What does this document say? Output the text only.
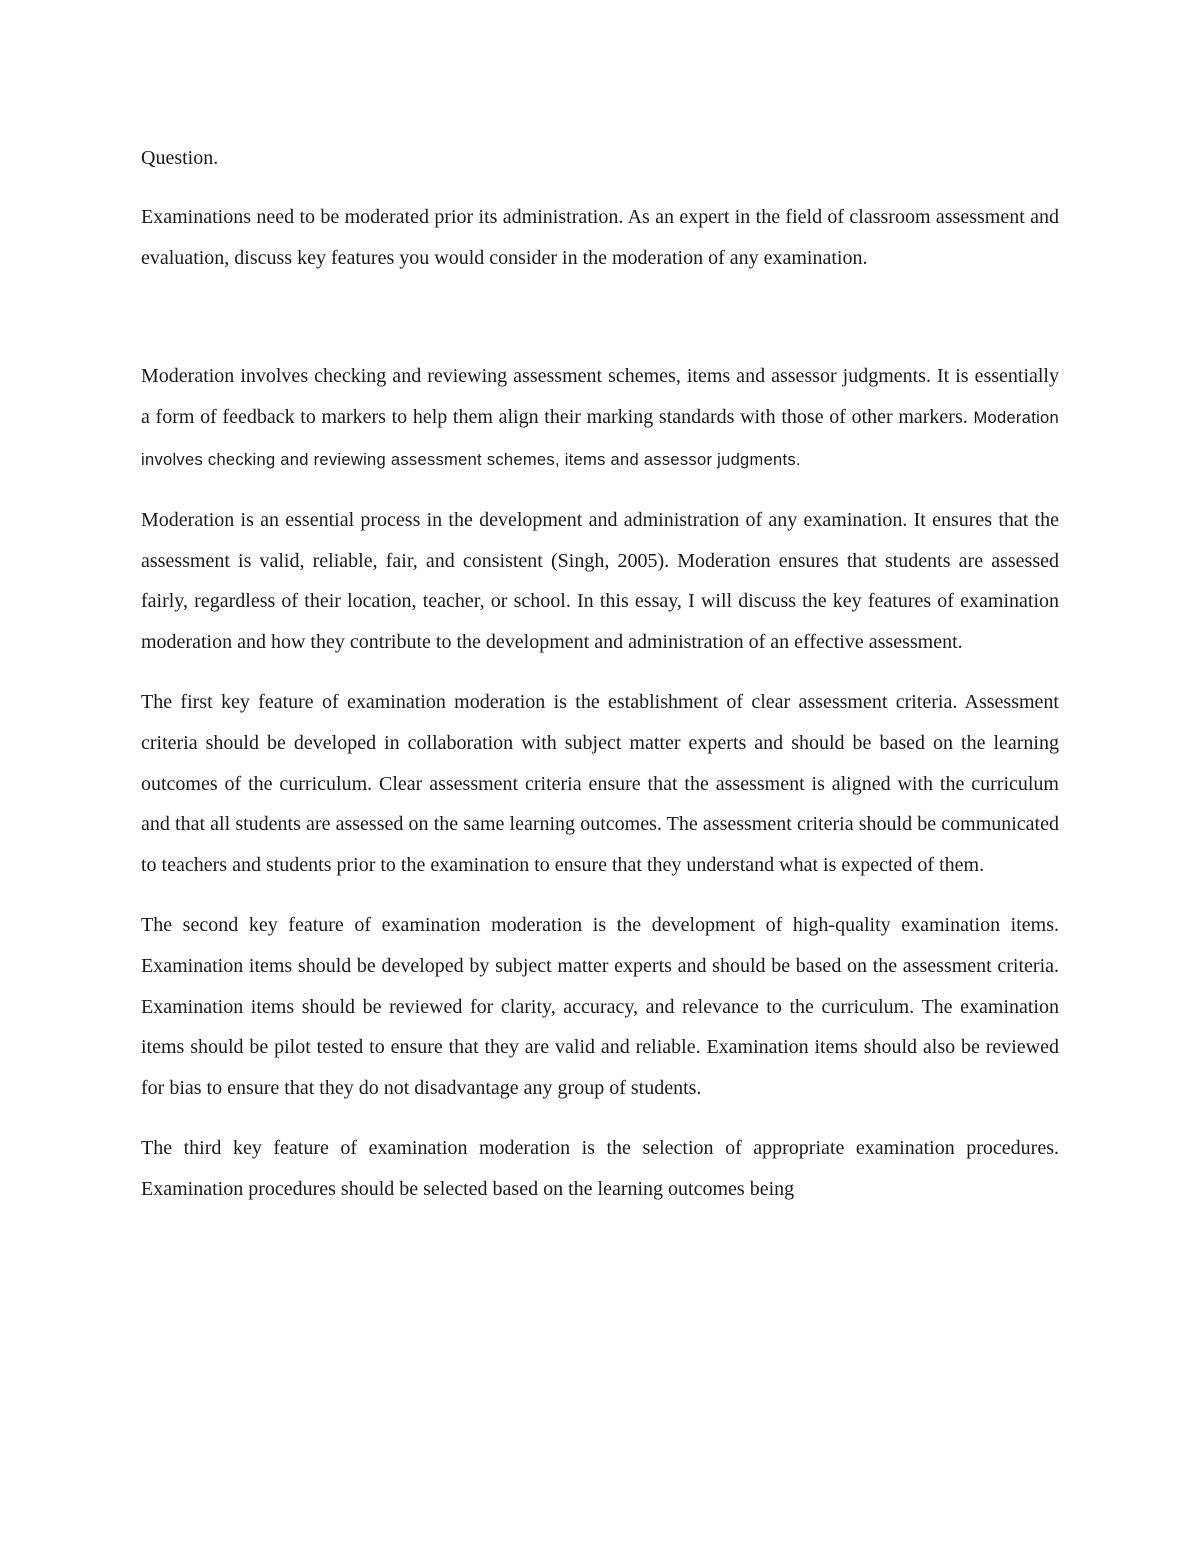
Question.

Examinations need to be moderated prior its administration. As an expert in the field of classroom assessment and evaluation, discuss key features you would consider in the moderation of any examination.

Moderation involves checking and reviewing assessment schemes, items and assessor judgments. It is essentially a form of feedback to markers to help them align their marking standards with those of other markers. Moderation involves checking and reviewing assessment schemes, items and assessor judgments.

Moderation is an essential process in the development and administration of any examination. It ensures that the assessment is valid, reliable, fair, and consistent (Singh, 2005). Moderation ensures that students are assessed fairly, regardless of their location, teacher, or school. In this essay, I will discuss the key features of examination moderation and how they contribute to the development and administration of an effective assessment.

The first key feature of examination moderation is the establishment of clear assessment criteria. Assessment criteria should be developed in collaboration with subject matter experts and should be based on the learning outcomes of the curriculum. Clear assessment criteria ensure that the assessment is aligned with the curriculum and that all students are assessed on the same learning outcomes. The assessment criteria should be communicated to teachers and students prior to the examination to ensure that they understand what is expected of them.

The second key feature of examination moderation is the development of high-quality examination items. Examination items should be developed by subject matter experts and should be based on the assessment criteria. Examination items should be reviewed for clarity, accuracy, and relevance to the curriculum. The examination items should be pilot tested to ensure that they are valid and reliable. Examination items should also be reviewed for bias to ensure that they do not disadvantage any group of students.

The third key feature of examination moderation is the selection of appropriate examination procedures. Examination procedures should be selected based on the learning outcomes being
